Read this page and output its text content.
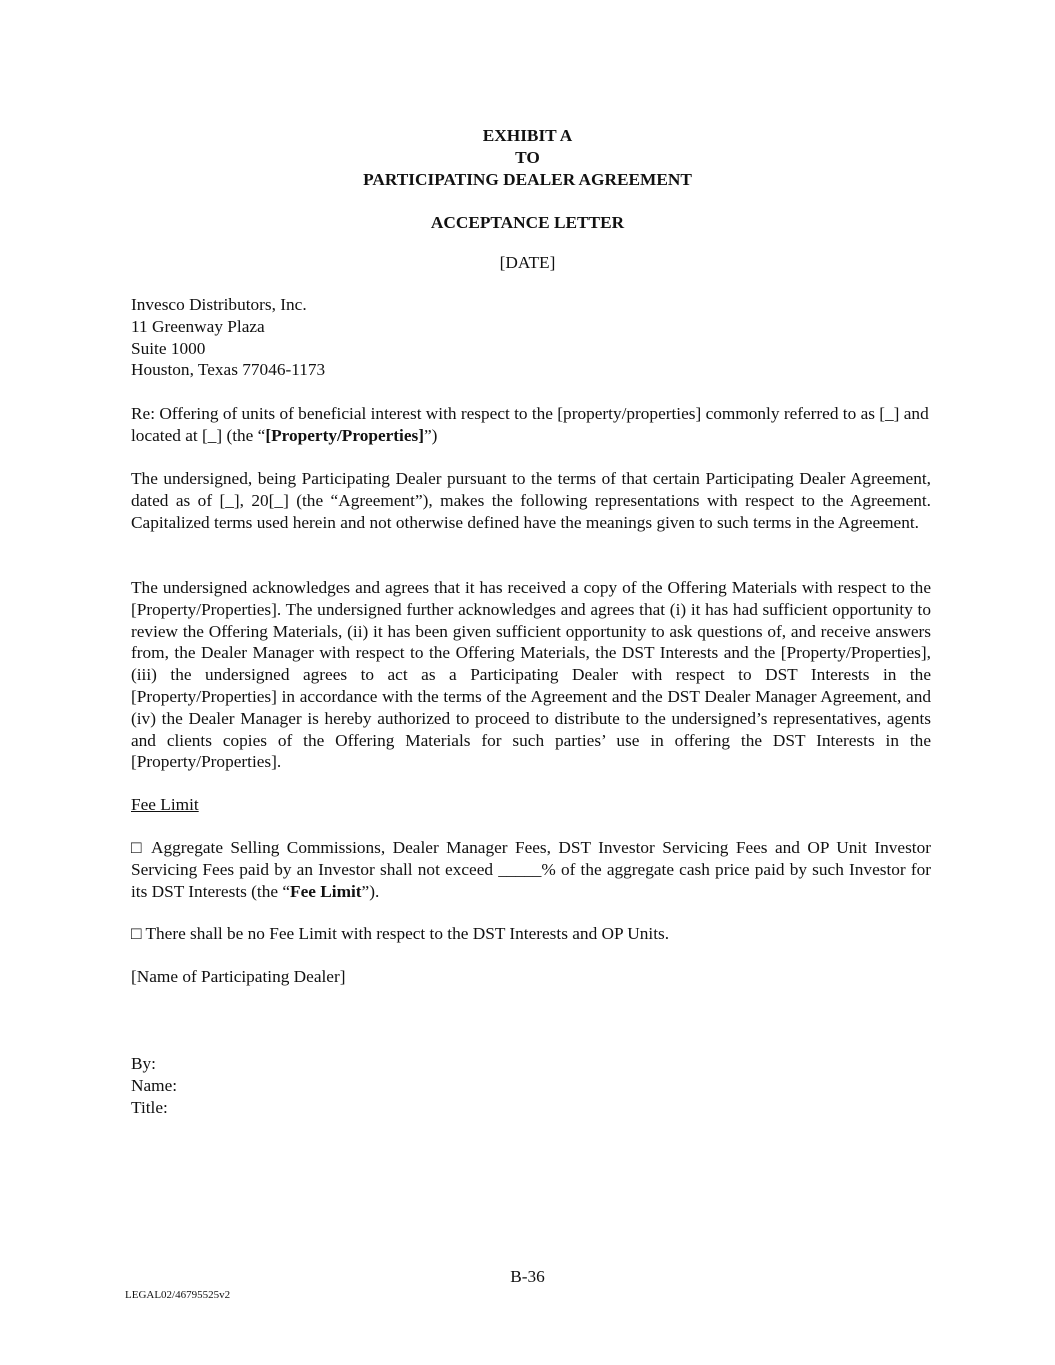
EXHIBIT A
TO
PARTICIPATING DEALER AGREEMENT
ACCEPTANCE LETTER
[DATE]
Invesco Distributors, Inc.
11 Greenway Plaza
Suite 1000
Houston, Texas 77046-1173

Re: Offering of units of beneficial interest with respect to the [property/properties] commonly referred to as [_] and located at [_] (the “[Property/Properties]”)

The undersigned, being Participating Dealer pursuant to the terms of that certain Participating Dealer Agreement, dated as of [_], 20[_] (the “Agreement”), makes the following representations with respect to the Agreement. Capitalized terms used herein and not otherwise defined have the meanings given to such terms in the Agreement.

The undersigned acknowledges and agrees that it has received a copy of the Offering Materials with respect to the [Property/Properties]. The undersigned further acknowledges and agrees that (i) it has had sufficient opportunity to review the Offering Materials, (ii) it has been given sufficient opportunity to ask questions of, and receive answers from, the Dealer Manager with respect to the Offering Materials, the DST Interests and the [Property/Properties], (iii) the undersigned agrees to act as a Participating Dealer with respect to DST Interests in the [Property/Properties] in accordance with the terms of the Agreement and the DST Dealer Manager Agreement, and (iv) the Dealer Manager is hereby authorized to proceed to distribute to the undersigned’s representatives, agents and clients copies of the Offering Materials for such parties’ use in offering the DST Interests in the [Property/Properties].

Fee Limit

□ Aggregate Selling Commissions, Dealer Manager Fees, DST Investor Servicing Fees and OP Unit Investor Servicing Fees paid by an Investor shall not exceed _____% of the aggregate cash price paid by such Investor for its DST Interests (the “Fee Limit”).

□ There shall be no Fee Limit with respect to the DST Interests and OP Units.

[Name of Participating Dealer]

By:
Name:
Title:
B-36
LEGAL02/46795525v2
